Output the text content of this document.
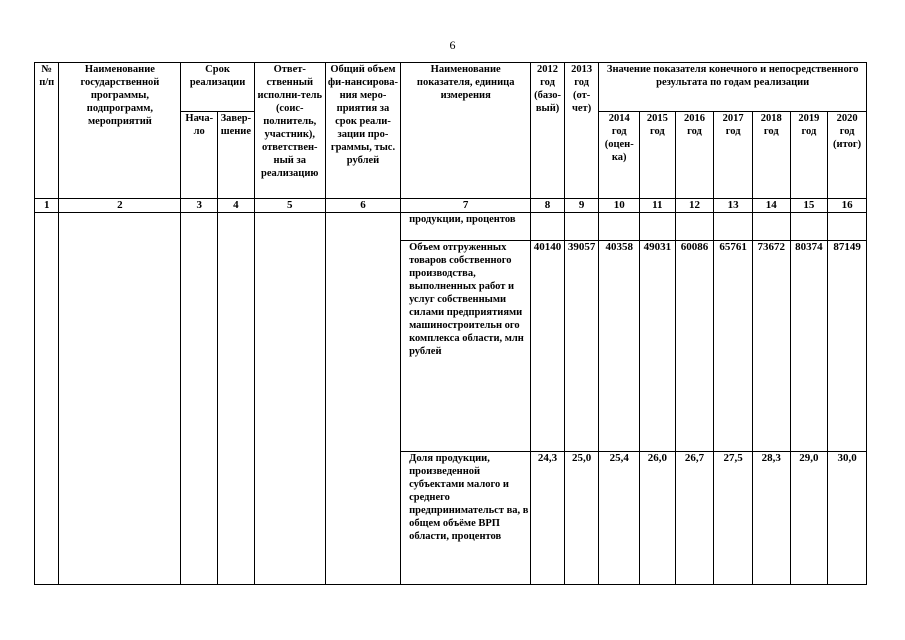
6
№ п/п	Наименование государственной программы, подпрограмм, мероприятий	Срок реализации		Ответ-ственный исполни-тель (соис-полнитель, участник), ответствен-ный за реализацию	Общий объем фи-нансирова-ния меро-приятия за срок реали-зации про-граммы, тыс. рублей	Наименование показателя, единица измерения	2012 год (базо-вый)	2013 год (от-чет)	Значение показателя конечного и непосредственного результата по годам реализации						
		Нача-ло	Завер-шение						2014 год (оцен-ка)	2015 год	2016 год	2017 год	2018 год	2019 год	2020 год (итог)
1	2	3	4	5	6	7	8	9	10	11	12	13	14	15	16
						продукции, процентов									
						Объем отгруженных товаров собственного производства, выполненных работ и услуг собственными силами предприятиями машиностроительн ого комплекса области, млн рублей	40140	39057	40358	49031	60086	65761	73672	80374	87149
						Доля продукции, произведенной субъектами малого и среднего предпринимательст ва, в общем объёме ВРП области, процентов	24,3	25,0	25,4	26,0	26,7	27,5	28,3	29,0	30,0
